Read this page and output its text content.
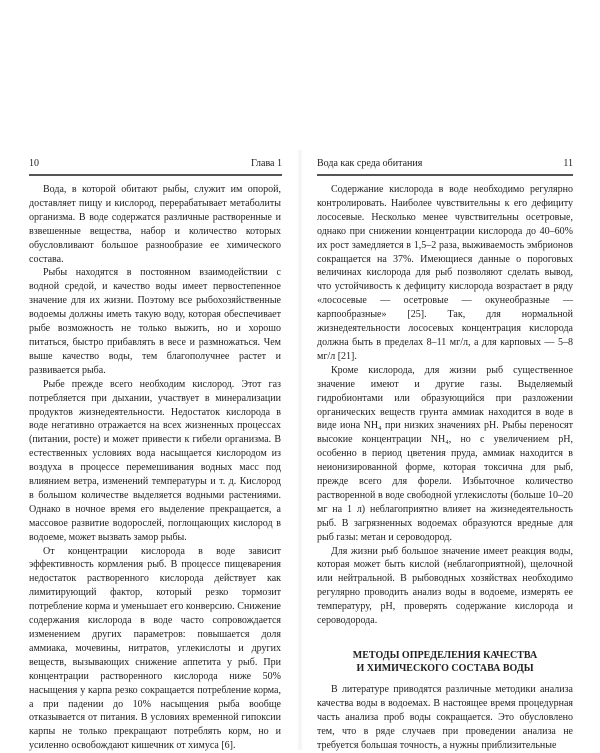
10	Глава 1

Вода, в которой обитают рыбы, служит им опорой, доставляет пищу и кислород, перерабатывает метаболиты организма. В воде содержатся различные растворенные и взвешенные вещества, набор и количество которых обусловливают большое разнообразие ее химического состава.

Рыбы находятся в постоянном взаимодействии с водной средой, и качество воды имеет первостепенное значение для их жизни. Поэтому все рыбохозяйственные водоемы должны иметь такую воду, которая обеспечивает рыбе возможность не только выжить, но и хорошо питаться, быстро прибавлять в весе и размножаться. Чем выше качество воды, тем благополучнее растет и развивается рыба.

Рыбе прежде всего необходим кислород. Этот газ потребляется при дыхании, участвует в минерализации продуктов жизнедеятельности. Недостаток кислорода в воде негативно отражается на всех жизненных процессах (питании, росте) и может привести к гибели организма. В естественных условиях вода насыщается кислородом из воздуха в процессе перемешивания водных масс под влиянием ветра, изменений температуры и т. д. Кислород в большом количестве выделяется водными растениями. Однако в ночное время его выделение прекращается, а массовое развитие водорослей, поглощающих кислород в водоеме, может вызвать замор рыбы.

От концентрации кислорода в воде зависит эффективность кормления рыб. В процессе пищеварения недостаток растворенного кислорода действует как лимитирующий фактор, который резко тормозит потребление корма и уменьшает его конверсию. Снижение содержания кислорода в воде часто сопровождается изменением других параметров: повышается доля аммиака, мочевины, нитратов, углекислоты и других веществ, вызывающих снижение аппетита у рыб. При концентрации растворенного кислорода ниже 50% насыщения у карпа резко сокращается потребление корма, а при падении до 10% насыщения рыба вообще отказывается от питания. В условиях временной гипоксии карпы не только прекращают потреблять корм, но и усиленно освобождают кишечник от химуса [6].

Вода как среда обитания	11

Содержание кислорода в воде необходимо регулярно контролировать. Наиболее чувствительны к его дефициту лососевые. Несколько менее чувствительны осетровые, однако при снижении концентрации кислорода до 40–60% их рост замедляется в 1,5–2 раза, выживаемость эмбрионов сокращается на 37%. Имеющиеся данные о пороговых величинах кислорода для рыб позволяют сделать вывод, что устойчивость к дефициту кислорода возрастает в ряду «лососевые — осетровые — окунеобразные — карпообразные» [25]. Так, для нормальной жизнедеятельности лососевых концентрация кислорода должна быть в пределах 8–11 мг/л, а для карповых — 5–8 мг/л [21].

Кроме кислорода, для жизни рыб существенное значение имеют и другие газы. Выделяемый гидробионтами или образующийся при разложении органических веществ грунта аммиак находится в воде в виде иона NH₄ при низких значениях pH. Рыбы переносят высокие концентрации NH₄, но с увеличением pH, особенно в период цветения пруда, аммиак находится в неионизированной форме, которая токсична для рыб, прежде всего для форели. Избыточное количество растворенной в воде свободной углекислоты (больше 10–20 мг на 1 л) неблагоприятно влияет на жизнедеятельность рыб. В загрязненных водоемах образуются вредные для рыб газы: метан и сероводород.

Для жизни рыб большое значение имеет реакция воды, которая может быть кислой (неблагоприятной), щелочной или нейтральной. В рыбоводных хозяйствах необходимо регулярно проводить анализ воды в водоеме, измерять ее температуру, pH, проверять содержание кислорода и сероводорода.

МЕТОДЫ ОПРЕДЕЛЕНИЯ КАЧЕСТВА
И ХИМИЧЕСКОГО СОСТАВА ВОДЫ

В литературе приводятся различные методики анализа качества воды в водоемах. В настоящее время процедурная часть анализа проб воды сокращается. Это обусловлено тем, что в ряде случаев при проведении анализа не требуется большая точность, а нужны приблизительные
